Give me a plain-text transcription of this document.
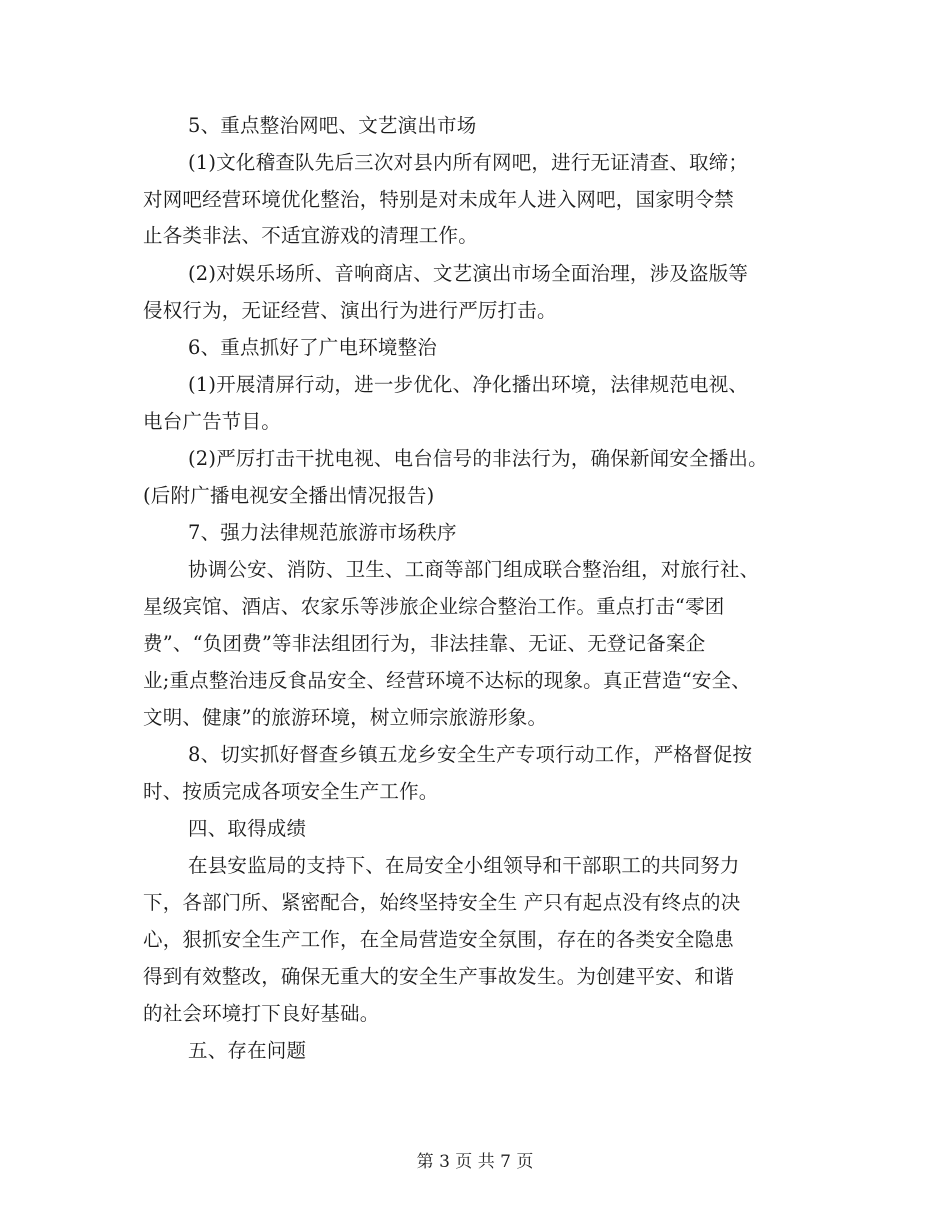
5、重点整治网吧、文艺演出市场
(1)文化稽查队先后三次对县内所有网吧，进行无证清查、取缔；
对网吧经营环境优化整治，特别是对未成年人进入网吧，国家明令禁
止各类非法、不适宜游戏的清理工作。
(2)对娱乐场所、音响商店、文艺演出市场全面治理，涉及盗版等
侵权行为，无证经营、演出行为进行严厉打击。
6、重点抓好了广电环境整治
(1)开展清屏行动，进一步优化、净化播出环境，法律规范电视、
电台广告节目。
(2)严厉打击干扰电视、电台信号的非法行为，确保新闻安全播出。
(后附广播电视安全播出情况报告)
7、强力法律规范旅游市场秩序
协调公安、消防、卫生、工商等部门组成联合整治组，对旅行社、
星级宾馆、酒店、农家乐等涉旅企业综合整治工作。重点打击“零团
费”、“负团费”等非法组团行为，非法挂靠、无证、无登记备案企
业;重点整治违反食品安全、经营环境不达标的现象。真正营造“安全、
文明、健康”的旅游环境，树立师宗旅游形象。
8、切实抓好督查乡镇五龙乡安全生产专项行动工作，严格督促按
时、按质完成各项安全生产工作。
四、取得成绩
在县安监局的支持下、在局安全小组领导和干部职工的共同努力
下，各部门所、紧密配合，始终坚持安全生 产只有起点没有终点的决
心，狠抓安全生产工作，在全局营造安全氛围，存在的各类安全隐患
得到有效整改，确保无重大的安全生产事故发生。为创建平安、和谐
的社会环境打下良好基础。
五、存在问题
第 3 页 共 7 页
